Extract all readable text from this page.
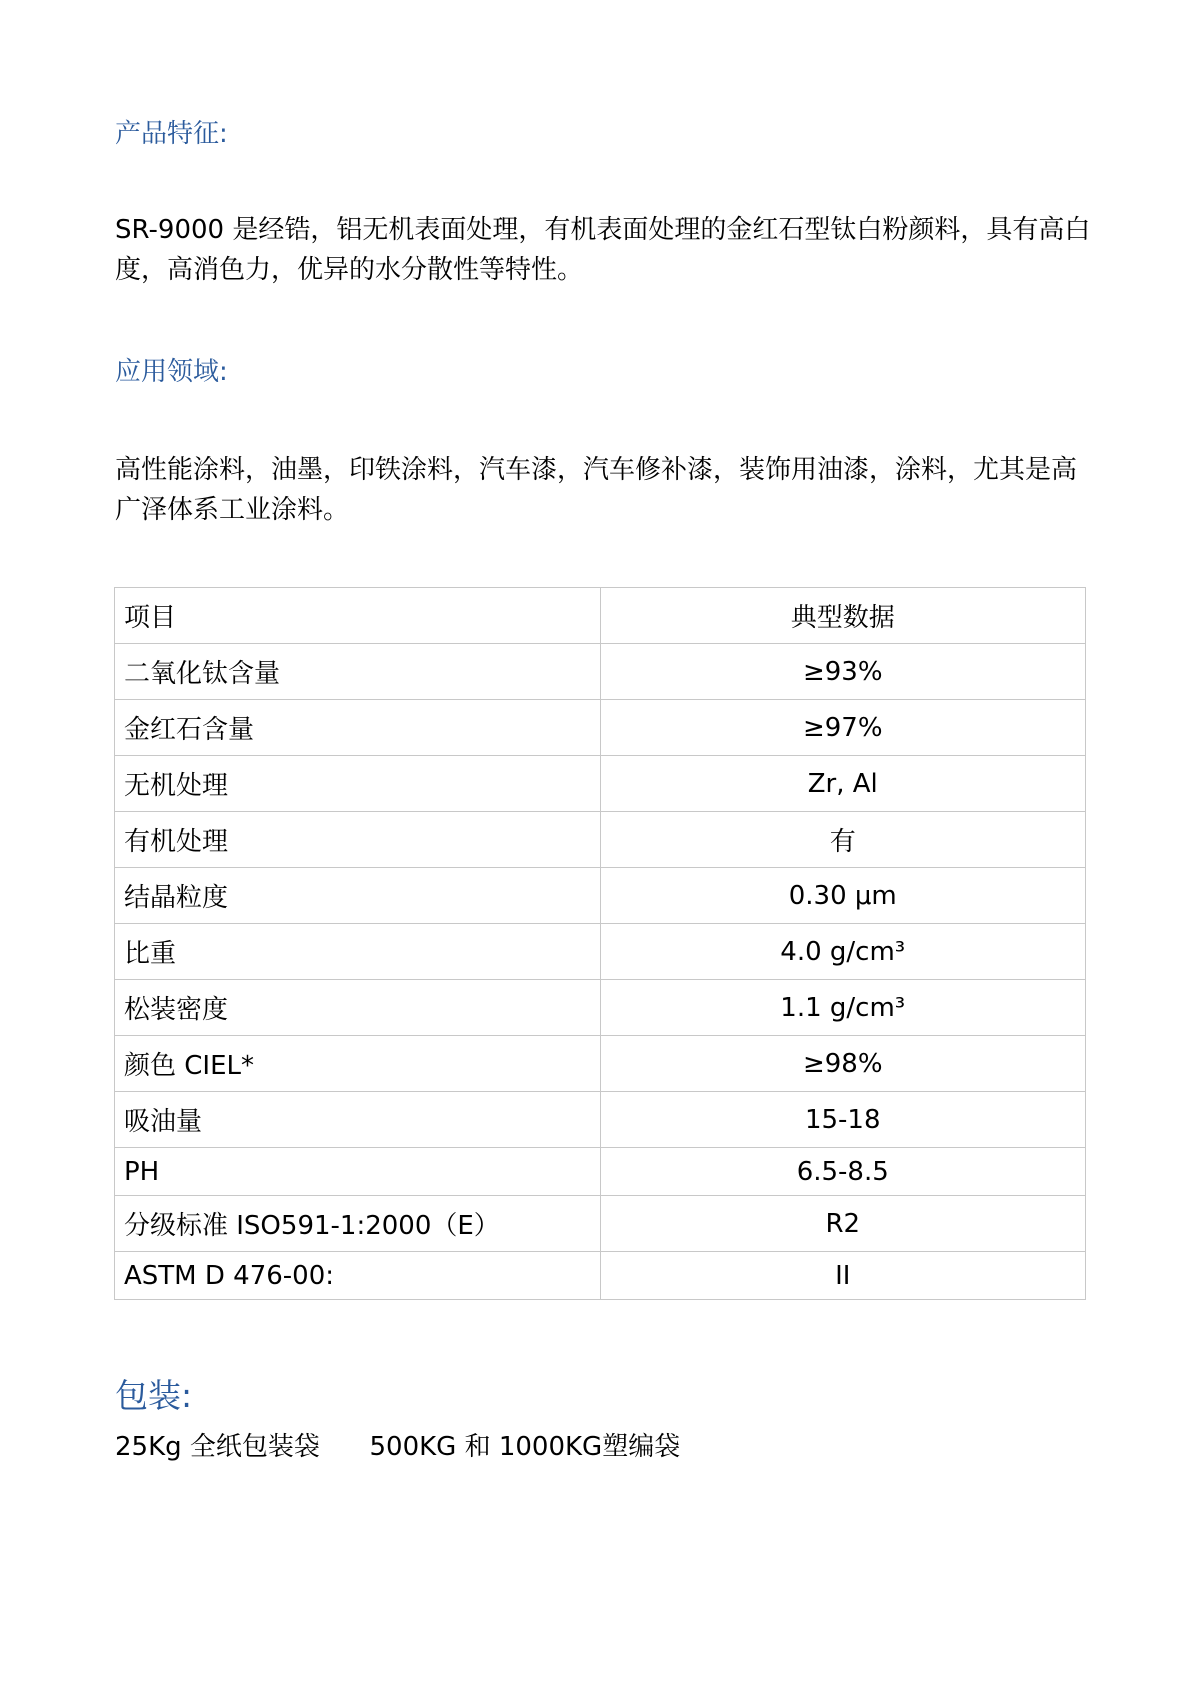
产品特征:

SR-9000 是经锆，铝无机表面处理，有机表面处理的金红石型钛白粉颜料，具有高白度，高消色力，优异的水分散性等特性。

应用领域:

高性能涂料，油墨，印铁涂料，汽车漆，汽车修补漆，装饰用油漆，涂料，尤其是高广泽体系工业涂料。

项目	典型数据
二氧化钛含量	≥93%
金红石含量	≥97%
无机处理	Zr, Al
有机处理	有
结晶粒度	0.30 μm
比重	4.0 g/cm³
松装密度	1.1 g/cm³
颜色 CIEL*	≥98%
吸油量	15-18
PH	6.5-8.5
分级标准 ISO591-1:2000（E）	R2
ASTM D 476-00:	II
包装:

25Kg 全纸包装袋      500KG 和 1000KG塑编袋
